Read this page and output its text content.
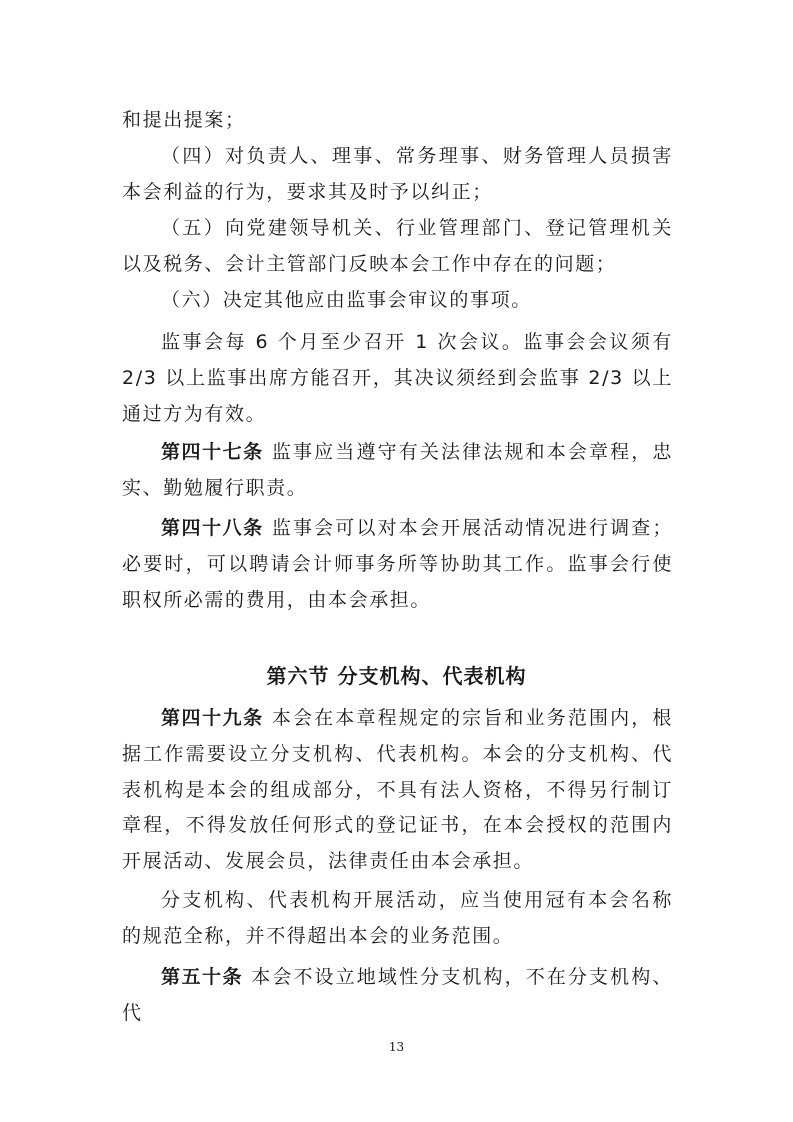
和提出提案；

（四）对负责人、理事、常务理事、财务管理人员损害本会利益的行为，要求其及时予以纠正；

（五）向党建领导机关、行业管理部门、登记管理机关以及税务、会计主管部门反映本会工作中存在的问题；

（六）决定其他应由监事会审议的事项。

监事会每 6 个月至少召开 1 次会议。监事会会议须有 2/3 以上监事出席方能召开，其决议须经到会监事 2/3 以上通过方为有效。

第四十七条 监事应当遵守有关法律法规和本会章程，忠实、勤勉履行职责。

第四十八条 监事会可以对本会开展活动情况进行调查；必要时，可以聘请会计师事务所等协助其工作。监事会行使职权所必需的费用，由本会承担。

第六节 分支机构、代表机构

第四十九条 本会在本章程规定的宗旨和业务范围内，根据工作需要设立分支机构、代表机构。本会的分支机构、代表机构是本会的组成部分，不具有法人资格，不得另行制订章程，不得发放任何形式的登记证书，在本会授权的范围内开展活动、发展会员，法律责任由本会承担。

分支机构、代表机构开展活动，应当使用冠有本会名称的规范全称，并不得超出本会的业务范围。

第五十条 本会不设立地域性分支机构，不在分支机构、代

13
